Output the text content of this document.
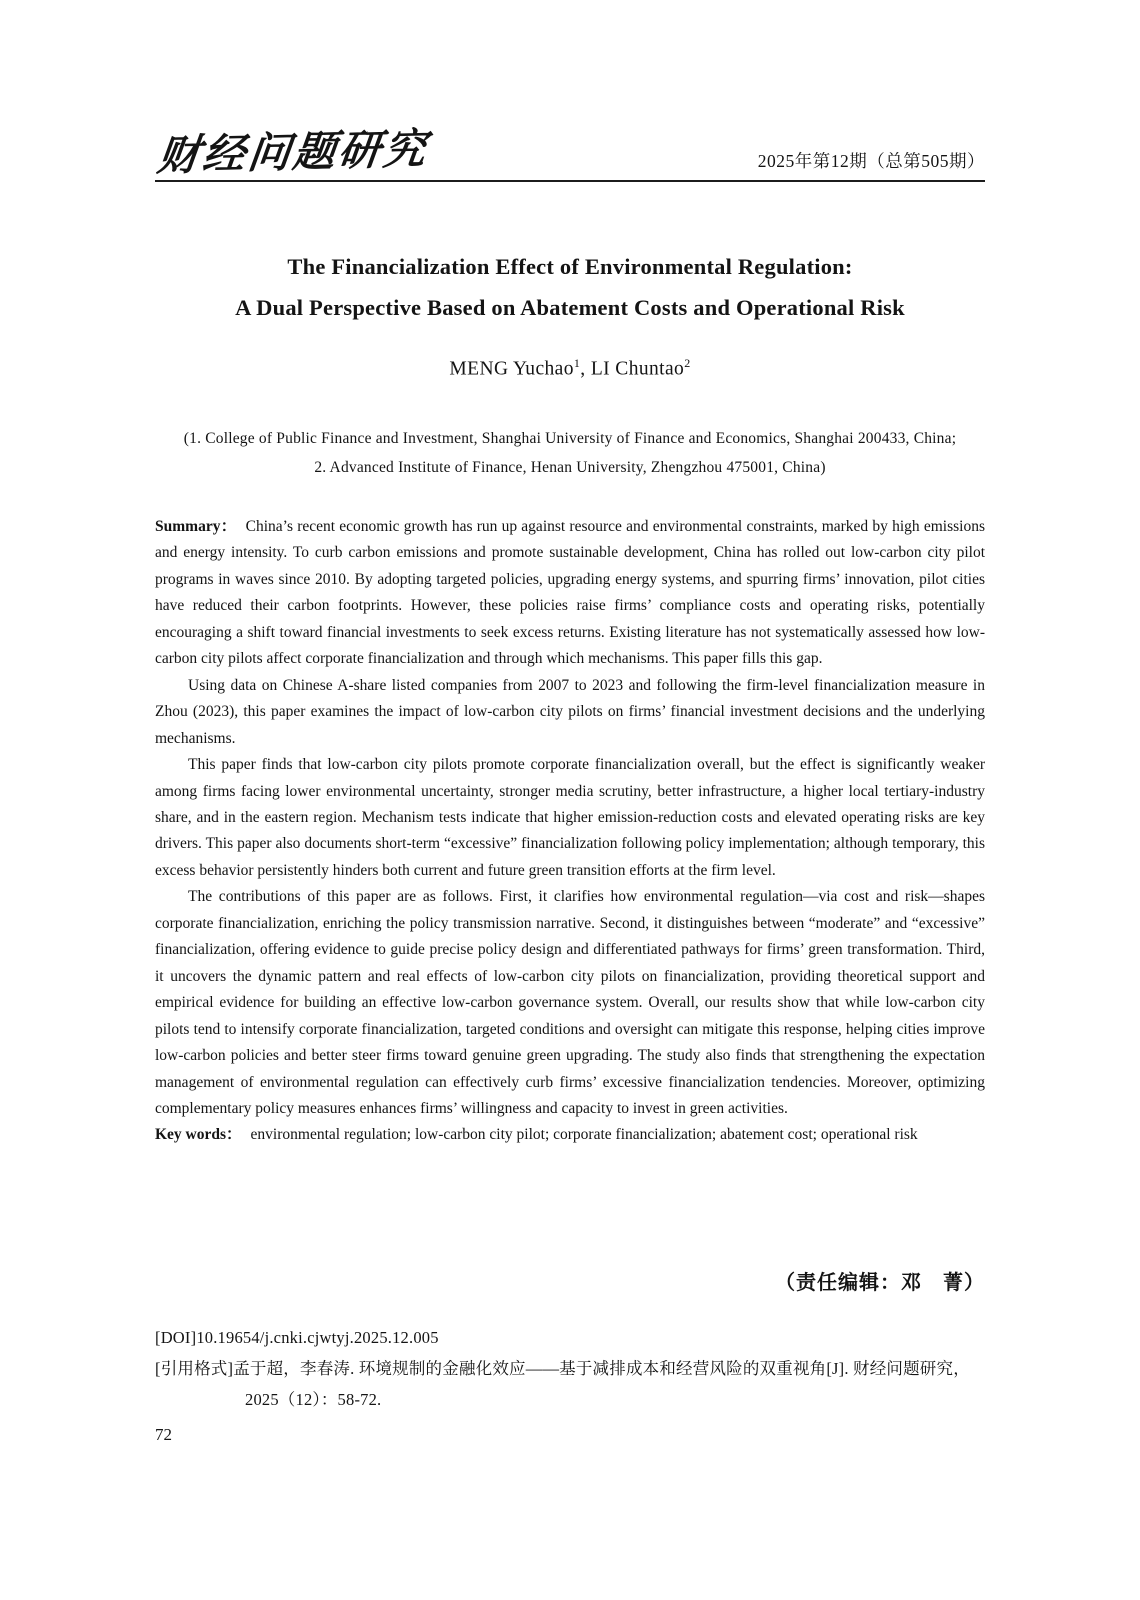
财经问题研究	2025年第12期（总第505期）
The Financialization Effect of Environmental Regulation:
A Dual Perspective Based on Abatement Costs and Operational Risk
MENG Yuchao$^1$, LI Chuntao$^2$
(1. College of Public Finance and Investment, Shanghai University of Finance and Economics, Shanghai 200433, China;
2. Advanced Institute of Finance, Henan University, Zhengzhou 475001, China)

Summary： China’s recent economic growth has run up against resource and environmental constraints, marked by high emissions and energy intensity. To curb carbon emissions and promote sustainable development, China has rolled out low-carbon city pilot programs in waves since 2010. By adopting targeted policies, upgrading energy systems, and spurring firms’ innovation, pilot cities have reduced their carbon footprints. However, these policies raise firms’ compliance costs and operating risks, potentially encouraging a shift toward financial investments to seek excess returns. Existing literature has not systematically assessed how low-carbon city pilots affect corporate financialization and through which mechanisms. This paper fills this gap.

Using data on Chinese A-share listed companies from 2007 to 2023 and following the firm-level financialization measure in Zhou (2023), this paper examines the impact of low-carbon city pilots on firms’ financial investment decisions and the underlying mechanisms.

This paper finds that low-carbon city pilots promote corporate financialization overall, but the effect is significantly weaker among firms facing lower environmental uncertainty, stronger media scrutiny, better infrastructure, a higher local tertiary-industry share, and in the eastern region. Mechanism tests indicate that higher emission-reduction costs and elevated operating risks are key drivers. This paper also documents short-term “excessive” financialization following policy implementation; although temporary, this excess behavior persistently hinders both current and future green transition efforts at the firm level.

The contributions of this paper are as follows. First, it clarifies how environmental regulation—via cost and risk—shapes corporate financialization, enriching the policy transmission narrative. Second, it distinguishes between “moderate” and “excessive” financialization, offering evidence to guide precise policy design and differentiated pathways for firms’ green transformation. Third, it uncovers the dynamic pattern and real effects of low-carbon city pilots on financialization, providing theoretical support and empirical evidence for building an effective low-carbon governance system. Overall, our results show that while low-carbon city pilots tend to intensify corporate financialization, targeted conditions and oversight can mitigate this response, helping cities improve low-carbon policies and better steer firms toward genuine green upgrading. The study also finds that strengthening the expectation management of environmental regulation can effectively curb firms’ excessive financialization tendencies. Moreover, optimizing complementary policy measures enhances firms’ willingness and capacity to invest in green activities.

Key words： environmental regulation; low-carbon city pilot; corporate financialization; abatement cost; operational risk

（责任编辑：邓　菁）
[DOI]10.19654/j.cnki.cjwtyj.2025.12.005
[引用格式]孟于超，李春涛. 环境规制的金融化效应——基于减排成本和经营风险的双重视角[J]. 财经问题研究，
2025（12）：58-72.
72
